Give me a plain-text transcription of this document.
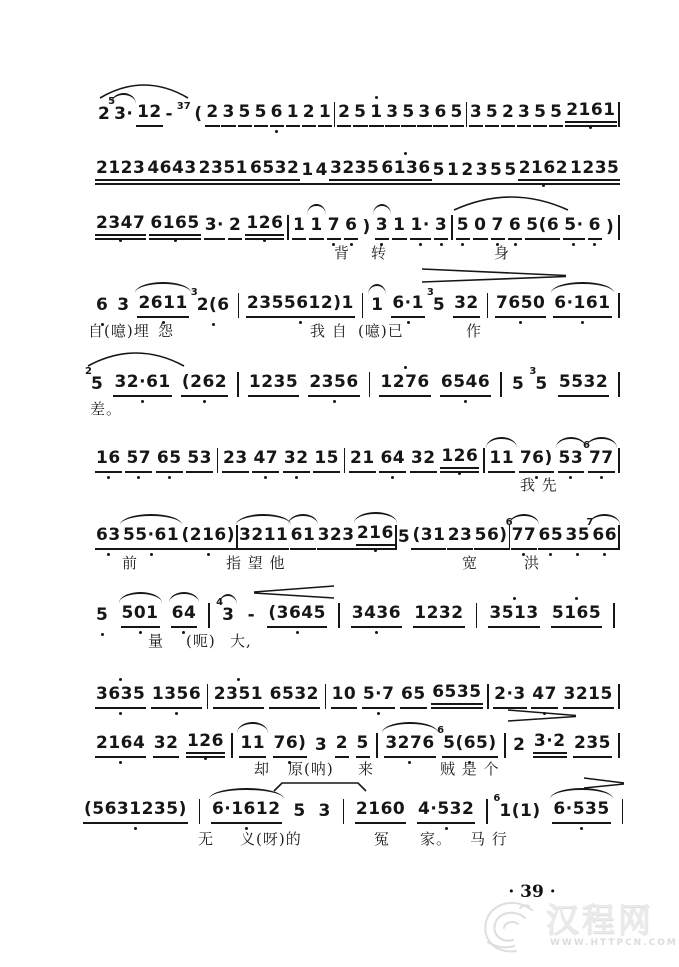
2 3·
5
12 - 37 ( 2 3 5 5 6 1 2 1 2 5 1 3 5 3 6 5 3 5 2 3 5 5 2161
2123 4643 2351 6532 1 4 3235 6136 5 1 2 3 5 5 2162 1235
2347 6165 3· 2 126 1 1 7 6 ) 3 1 1· 3 5 0 7 6 5(6 5· 6 )
背 转	身
6 3 2611 2(6
3
2355612)1 1 6·1 5
3
32 7650 6·161
自(噫)埋 怨	我 自 (噫)已	作
5
2
32·61 (262 1235 2356 1276 6546 5 5
3
5532
差。
16 57 65 53 23 47 32 15 21 64 32 126 11 76) 53 77
6
我 先
63 55·61 (216) 3211 61 323 216 5 (31 23 56) 77
6
65 35 66
7
前	指 望 他	宽	洪
5 501 64 3
4
- (3645 3436 1232 3513 5165
量 (呃) 大,
3635 1356 2351 6532 10 5·7 65 6535 2·3 47 3215
2164 32 126 11 76) 3 2 5 3276 5(65)
6
2 3·2 235
却 原(呐) 来	贼 是 个
(5631235) 6·1612 5 3 2160 4·532 1(1)
6
6·535
无 义(呀)的	冤 家。 马 行
· 39 ·
汉程网
WWW.HTTPCN.COM
